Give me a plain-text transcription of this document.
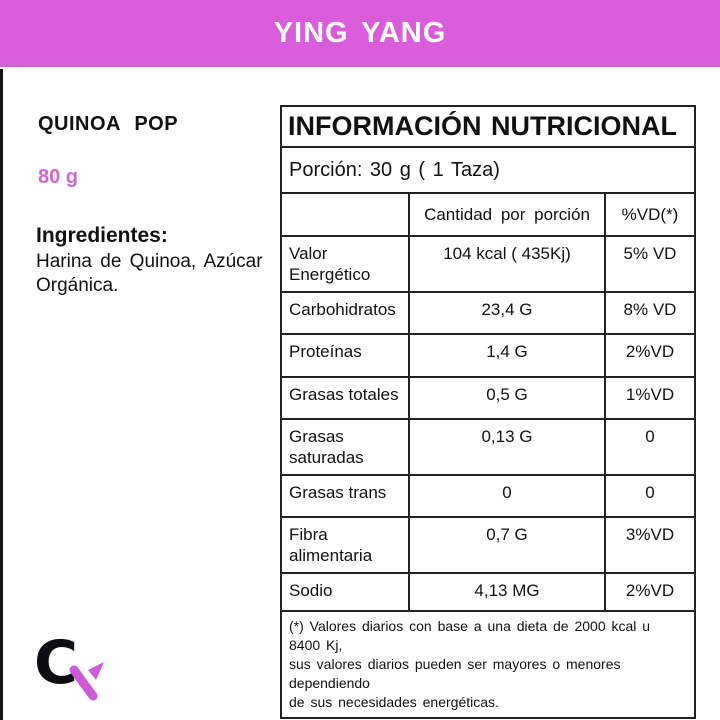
YING YANG
QUINOA POP
80 g
Ingredientes:
Harina de Quinoa, Azúcar Orgánica.
INFORMACIÓN NUTRICIONAL		
Porción: 30 g ( 1 Taza)		
	Cantidad por porción	%VD(*)
Valor Energético	104 kcal ( 435Kj)	5% VD
Carbohidratos	23,4 G	8% VD
Proteínas	1,4 G	2%VD
Grasas totales	0,5 G	1%VD
Grasas saturadas	0,13 G	0
Grasas trans	0	0
Fibra alimentaria	0,7 G	3%VD
Sodio	4,13 MG	2%VD

(*) Valores diarios con base a una dieta de 2000 kcal u 8400 Kj,
sus valores diarios pueden ser mayores o menores dependiendo
de sus necesidades energéticas.		
C
